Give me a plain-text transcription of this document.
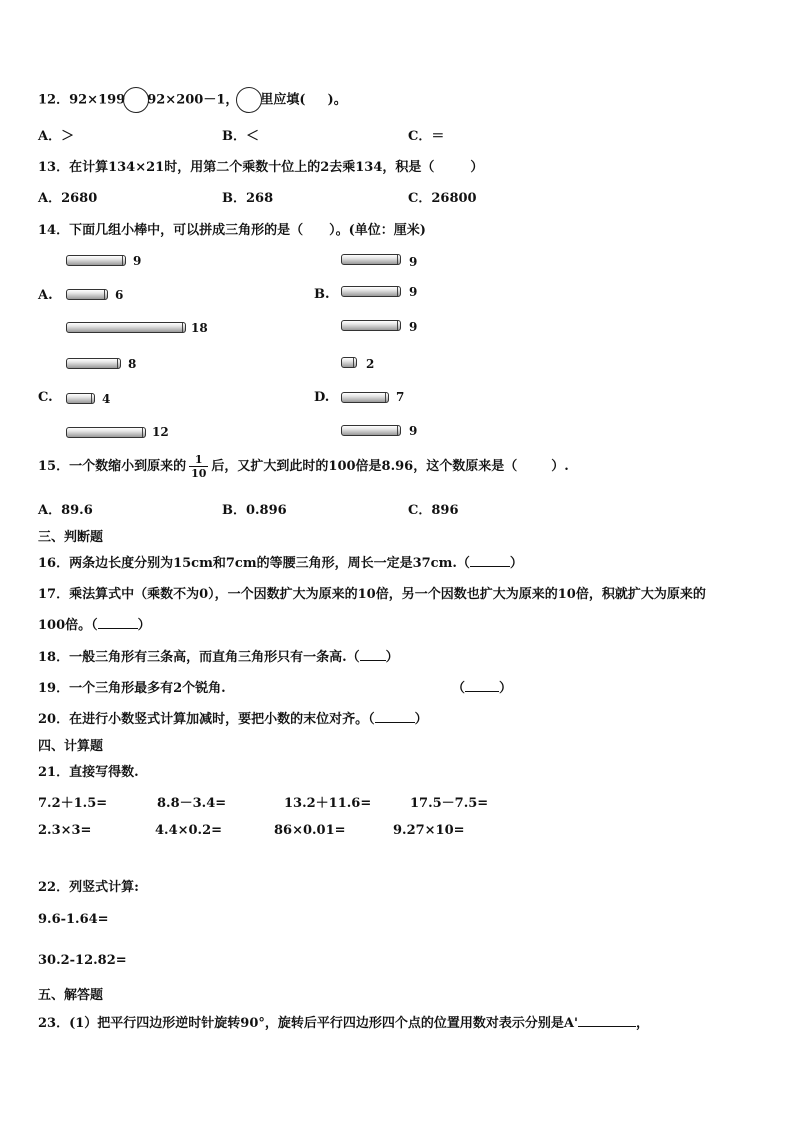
12．92×199 92×200－1， 里应填( )。
A．＞	B．＜	C．＝
13．在计算134×21时，用第二个乘数十位上的2去乘134，积是（	）
A．2680	B．268	C．26800
14．下面几组小棒中，可以拼成三角形的是（ ）。(单位：厘米)
9
A.	6
18
9
B.	9
9
8
C.	4
12
2
D.	7
9
15．一个数缩小到原来的 $\frac{1}{10}$ 后，又扩大到此时的100倍是8.96，这个数原来是（	）.
A．89.6	B．0.896	C．896
三、判断题
16．两条边长度分别为15cm和7cm的等腰三角形，周长一定是37cm.（	）
17．乘法算式中（乘数不为0），一个因数扩大为原来的10倍，另一个因数也扩大为原来的10倍，积就扩大为原来的
100倍。（	）
18．一般三角形有三条高，而直角三角形只有一条高.（ ）
19．一个三角形最多有2个锐角.	（	）
20．在进行小数竖式计算加减时，要把小数的末位对齐。（	）
四、计算题
21．直接写得数.
7.2＋1.5=	8.8－3.4=	13.2＋11.6=	17.5－7.5=
2.3×3=	4.4×0.2=	86×0.01=	9.27×10=
22．列竖式计算:
9.6-1.64=
30.2-12.82=
五、解答题
23．(1）把平行四边形逆时针旋转90°，旋转后平行四边形四个点的位置用数对表示分别是A'	，
